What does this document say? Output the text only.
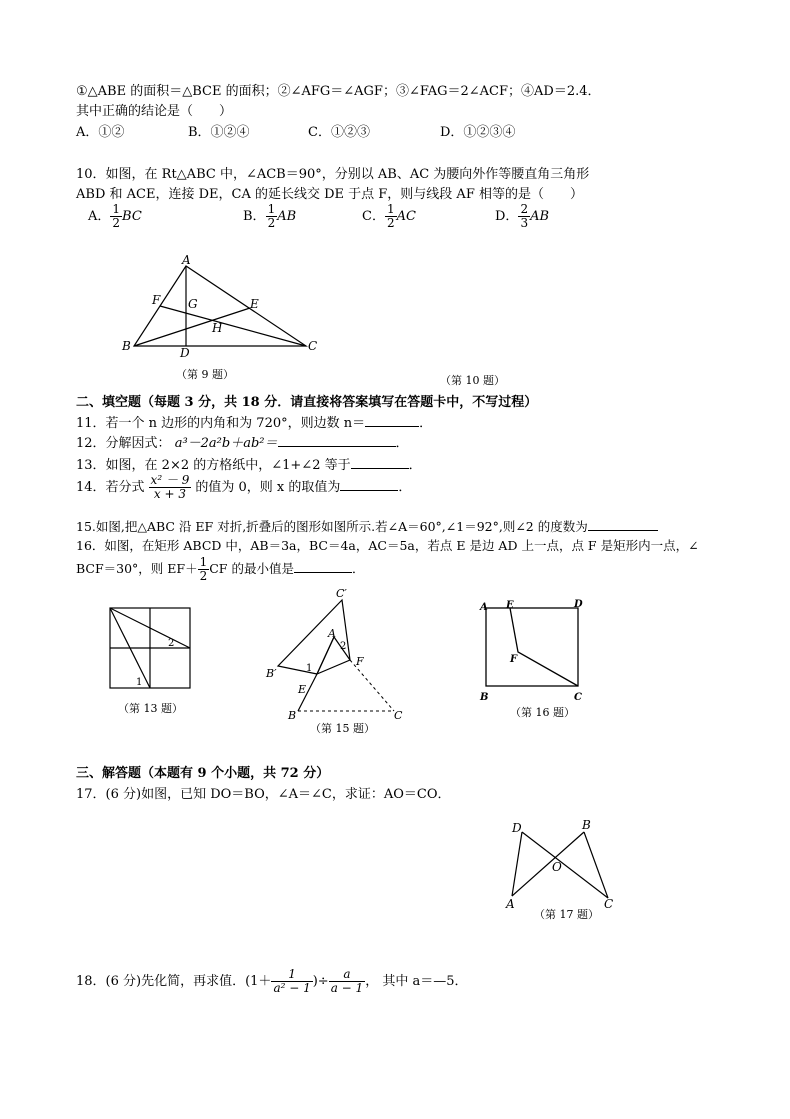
①△ABE 的面积＝△BCE 的面积；②∠AFG＝∠AGF；③∠FAG＝2∠ACF；④AD＝2.4．
其中正确的结论是（　　）
A．①②	B．①②④	C．①②③	D．①②③④
10．如图，在 Rt△ABC 中，∠ACB＝90°，分别以 AB、AC 为腰向外作等腰直角三角形
ABD 和 ACE，连接 DE，CA 的延长线交 DE 于点 F，则与线段 AF 相等的是（　　）
A． $\frac{1}{2}$ BC	B． $\frac{1}{2}$ AB	C． $\frac{1}{2}$ AC	D． $\frac{2}{3}$ AB
A
B	C
D
E
F G
H
（第 9 题）	（第 10 题）
二、填空题（每题 3 分，共 18 分．请直接将答案填写在答题卡中，不写过程）
11．若一个 n 边形的内角和为 720°，则边数 n＝	．
12．分解因式： a³－2a²b＋ab²＝	．
13．如图，在 2×2 的方格纸中，∠1+∠2 等于	．
14．若分式 $\frac{\text{x² － 9}}{x + 3}$ 的值为 0，则 x 的取值为	．
15.如图,把△ABC 沿 EF 对折,折叠后的图形如图所示.若∠A＝60°,∠1＝92°,则∠2 的度数为
16．如图，在矩形 ABCD 中，AB＝3a，BC＝4a，AC＝5a，若点 E 是边 AD 上一点，点 F 是矩形内一点，∠
BCF＝30°，则 $EF+ \frac{1}{2}$ CF 的最小值是	．
2
1
（第 13 题）
C′
A
B′	1
2
F
E
B	C
（第 15 题）
A E	D
F
B	C
（第 16 题）
三、解答题（本题有 9 个小题，共 72 分）
17．(6 分)如图，已知 DO＝BO，∠A＝∠C，求证：AO＝CO．
D	B
O
A	C
（第 17 题）
18．(6 分)先化简，再求值．($1+ \frac{1}{\text{a² − 1}}$ )÷ $\frac{a}{a - 1}$ ， 其中 a＝—5．
